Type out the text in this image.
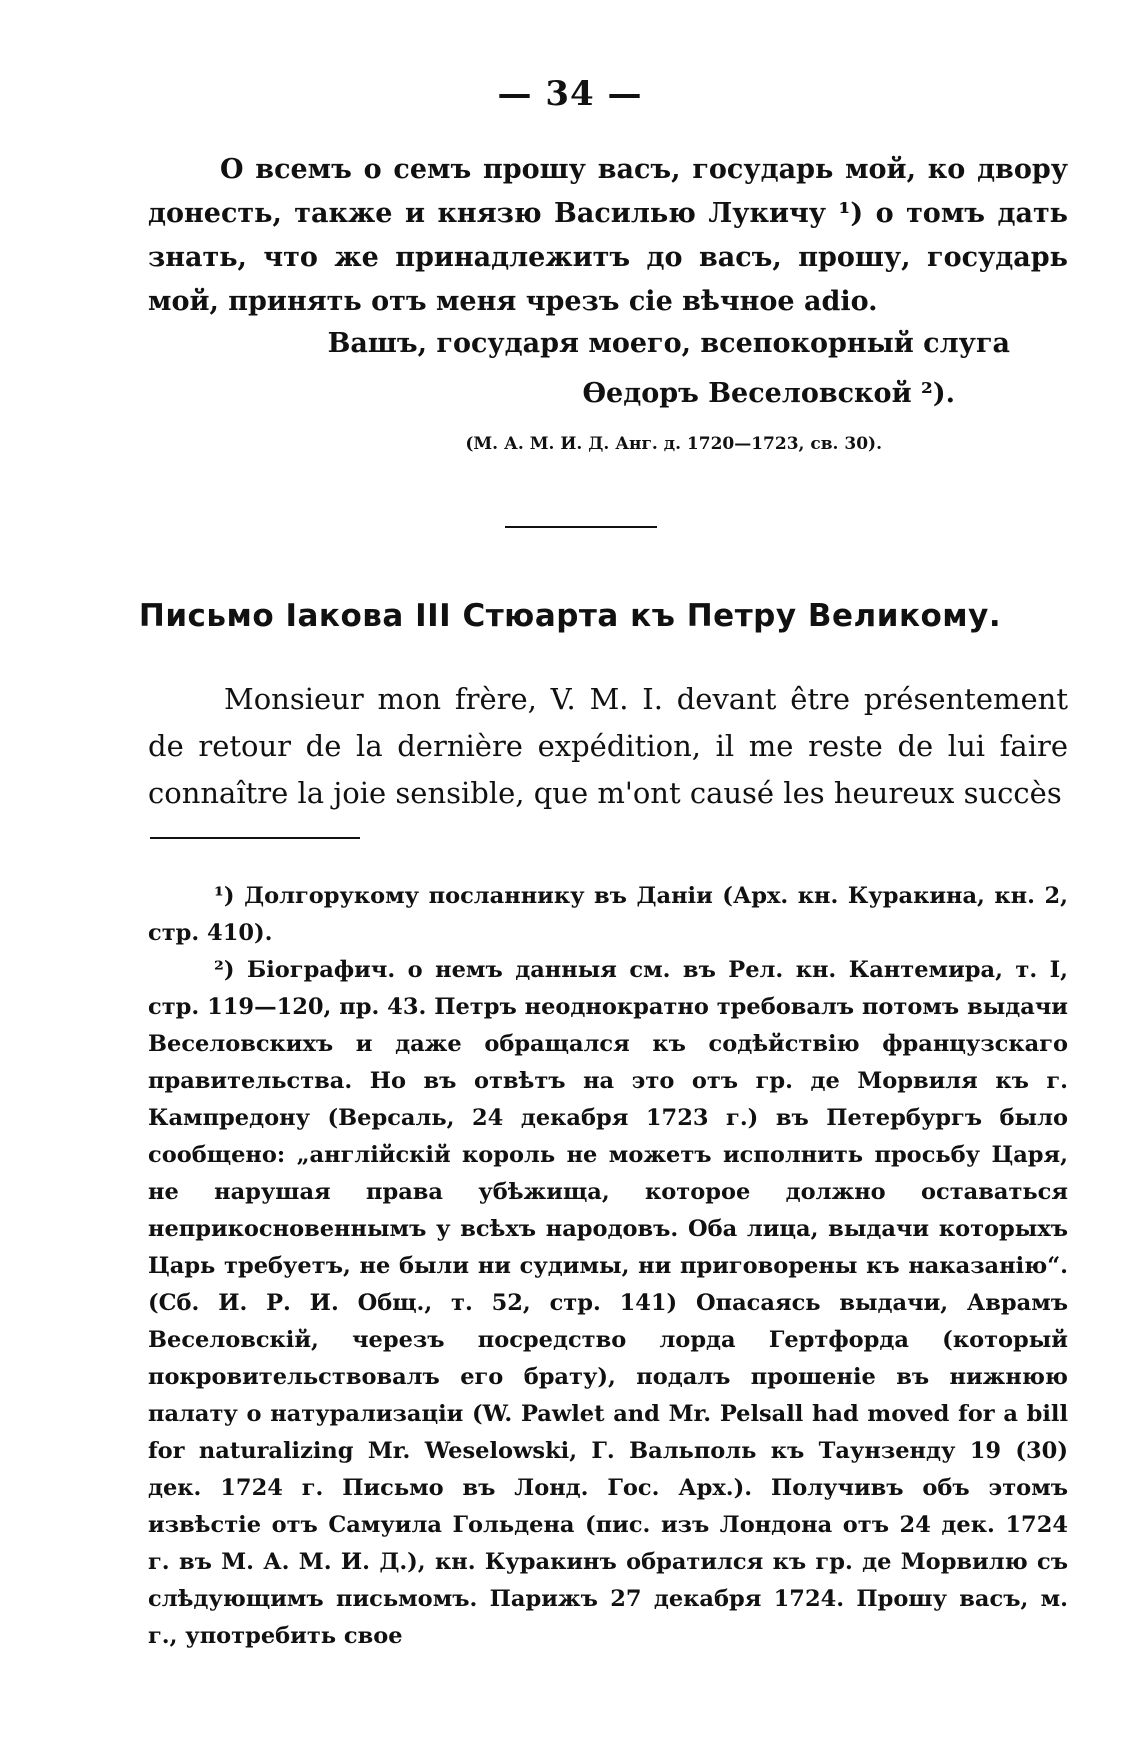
— 34 —
О всемъ о семъ прошу васъ, государь мой, ко двору донесть, также и князю Василью Лукичу ¹) о томъ дать знать, что же принадлежитъ до васъ, прошу, государь мой, принять отъ меня чрезъ сіе вѣчное adio.
Вашъ, государя моего, всепокорный слуга
Өедоръ Веселовской ²).
(М. А. М. И. Д. Анг. д. 1720—1723, св. 30).
Письмо Іакова III Стюарта къ Петру Великому.
Monsieur mon frère, V. M. I. devant être présentement de retour de la dernière expédition, il me reste de lui faire connaître la joie sensible, que m'ont causé les heureux succès

¹) Долгорукому посланнику въ Даніи (Арх. кн. Куракина, кн. 2, стр. 410).

²) Біографич. о немъ данныя см. въ Рел. кн. Кантемира, т. I, стр. 119—120, пр. 43. Петръ неоднократно требовалъ потомъ выдачи Веселовскихъ и даже обращался къ содѣйствію французскаго правительства. Но въ отвѣтъ на это отъ гр. де Морвиля къ г. Кампредону (Версаль, 24 декабря 1723 г.) въ Петербургъ было сообщено: „англійскій король не можетъ исполнить просьбу Царя, не нарушая права убѣжища, которое должно оставаться неприкосновеннымъ у всѣхъ народовъ. Оба лица, выдачи которыхъ Царь требуетъ, не были ни судимы, ни приговорены къ наказанію“. (Сб. И. Р. И. Общ., т. 52, стр. 141) Опасаясь выдачи, Аврамъ Веселовскій, черезъ посредство лорда Гертфорда (который покровительствовалъ его брату), подалъ прошеніе въ нижнюю палату о натурализаціи (W. Pawlet and Mr. Pelsall had moved for a bill for naturalizing Mr. Weselowski, Г. Вальполь къ Таунзенду 19 (30) дек. 1724 г. Письмо въ Лонд. Гос. Арх.). Получивъ объ этомъ извѣстіе отъ Самуила Гольдена (пис. изъ Лондона отъ 24 дек. 1724 г. въ М. А. М. И. Д.), кн. Куракинъ обратился къ гр. де Морвилю съ слѣдующимъ письмомъ. Парижъ 27 декабря 1724. Прошу васъ, м. г., употребить свое
